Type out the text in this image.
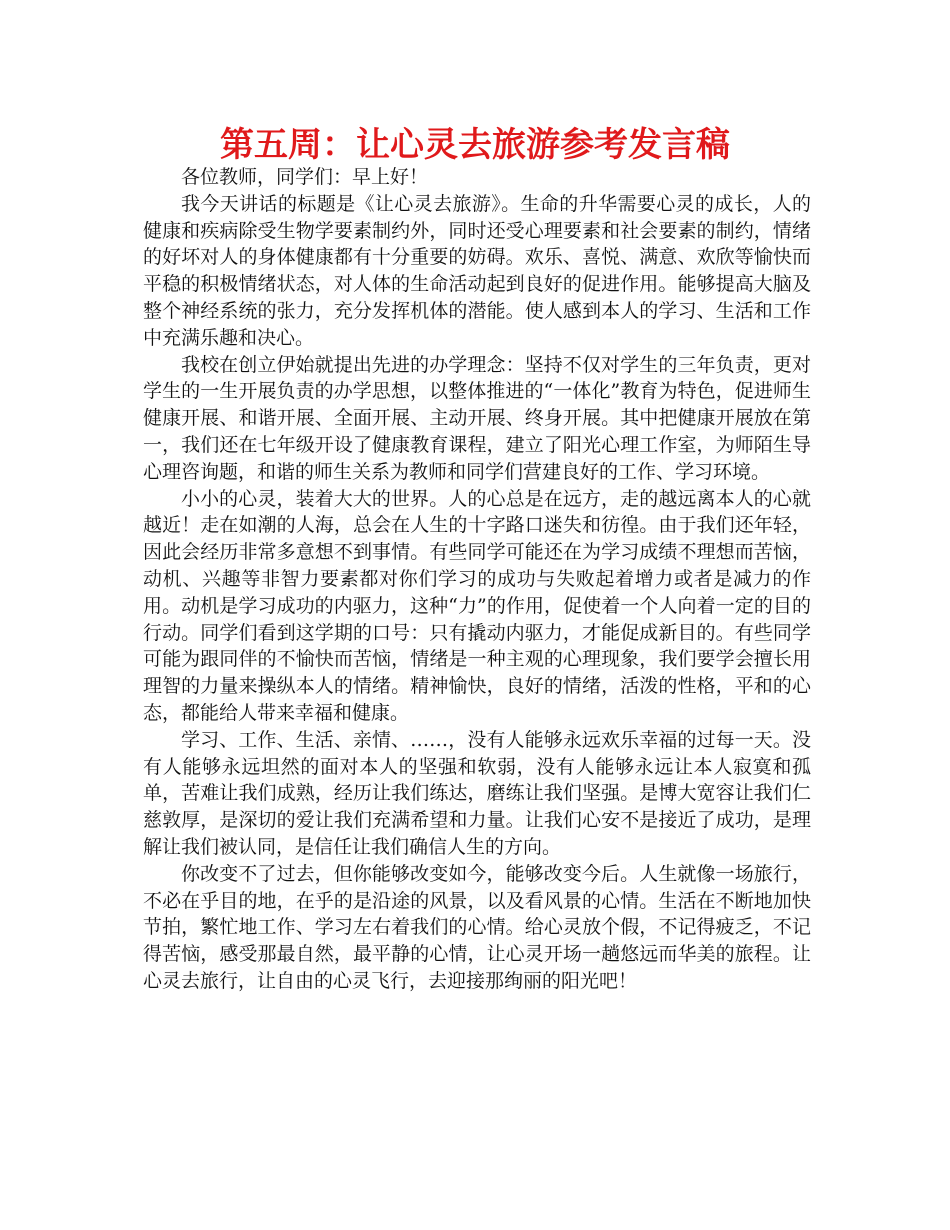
第五周：让心灵去旅游参考发言稿

各位教师，同学们：早上好！

我今天讲话的标题是《让心灵去旅游》。生命的升华需要心灵的成长，人的健康和疾病除受生物学要素制约外，同时还受心理要素和社会要素的制约，情绪的好坏对人的身体健康都有十分重要的妨碍。欢乐、喜悦、满意、欢欣等愉快而平稳的积极情绪状态，对人体的生命活动起到良好的促进作用。能够提高大脑及整个神经系统的张力，充分发挥机体的潜能。使人感到本人的学习、生活和工作中充满乐趣和决心。

我校在创立伊始就提出先进的办学理念：坚持不仅对学生的三年负责，更对学生的一生开展负责的办学思想，以整体推进的“一体化”教育为特色，促进师生健康开展、和谐开展、全面开展、主动开展、终身开展。其中把健康开展放在第一，我们还在七年级开设了健康教育课程，建立了阳光心理工作室，为师陌生导心理咨询题，和谐的师生关系为教师和同学们营建良好的工作、学习环境。

小小的心灵，装着大大的世界。人的心总是在远方，走的越远离本人的心就越近！走在如潮的人海，总会在人生的十字路口迷失和彷徨。由于我们还年轻，因此会经历非常多意想不到事情。有些同学可能还在为学习成绩不理想而苦恼，动机、兴趣等非智力要素都对你们学习的成功与失败起着增力或者是减力的作用。动机是学习成功的内驱力，这种“力”的作用，促使着一个人向着一定的目的行动。同学们看到这学期的口号：只有撬动内驱力，才能促成新目的。有些同学可能为跟同伴的不愉快而苦恼，情绪是一种主观的心理现象，我们要学会擅长用理智的力量来操纵本人的情绪。精神愉快，良好的情绪，活泼的性格，平和的心态，都能给人带来幸福和健康。

学习、工作、生活、亲情、……，没有人能够永远欢乐幸福的过每一天。没有人能够永远坦然的面对本人的坚强和软弱，没有人能够永远让本人寂寞和孤单，苦难让我们成熟，经历让我们练达，磨练让我们坚强。是博大宽容让我们仁慈敦厚，是深切的爱让我们充满希望和力量。让我们心安不是接近了成功，是理解让我们被认同，是信任让我们确信人生的方向。

你改变不了过去，但你能够改变如今，能够改变今后。人生就像一场旅行，不必在乎目的地，在乎的是沿途的风景，以及看风景的心情。生活在不断地加快节拍，繁忙地工作、学习左右着我们的心情。给心灵放个假，不记得疲乏，不记得苦恼，感受那最自然，最平静的心情，让心灵开场一趟悠远而华美的旅程。让心灵去旅行，让自由的心灵飞行，去迎接那绚丽的阳光吧！
